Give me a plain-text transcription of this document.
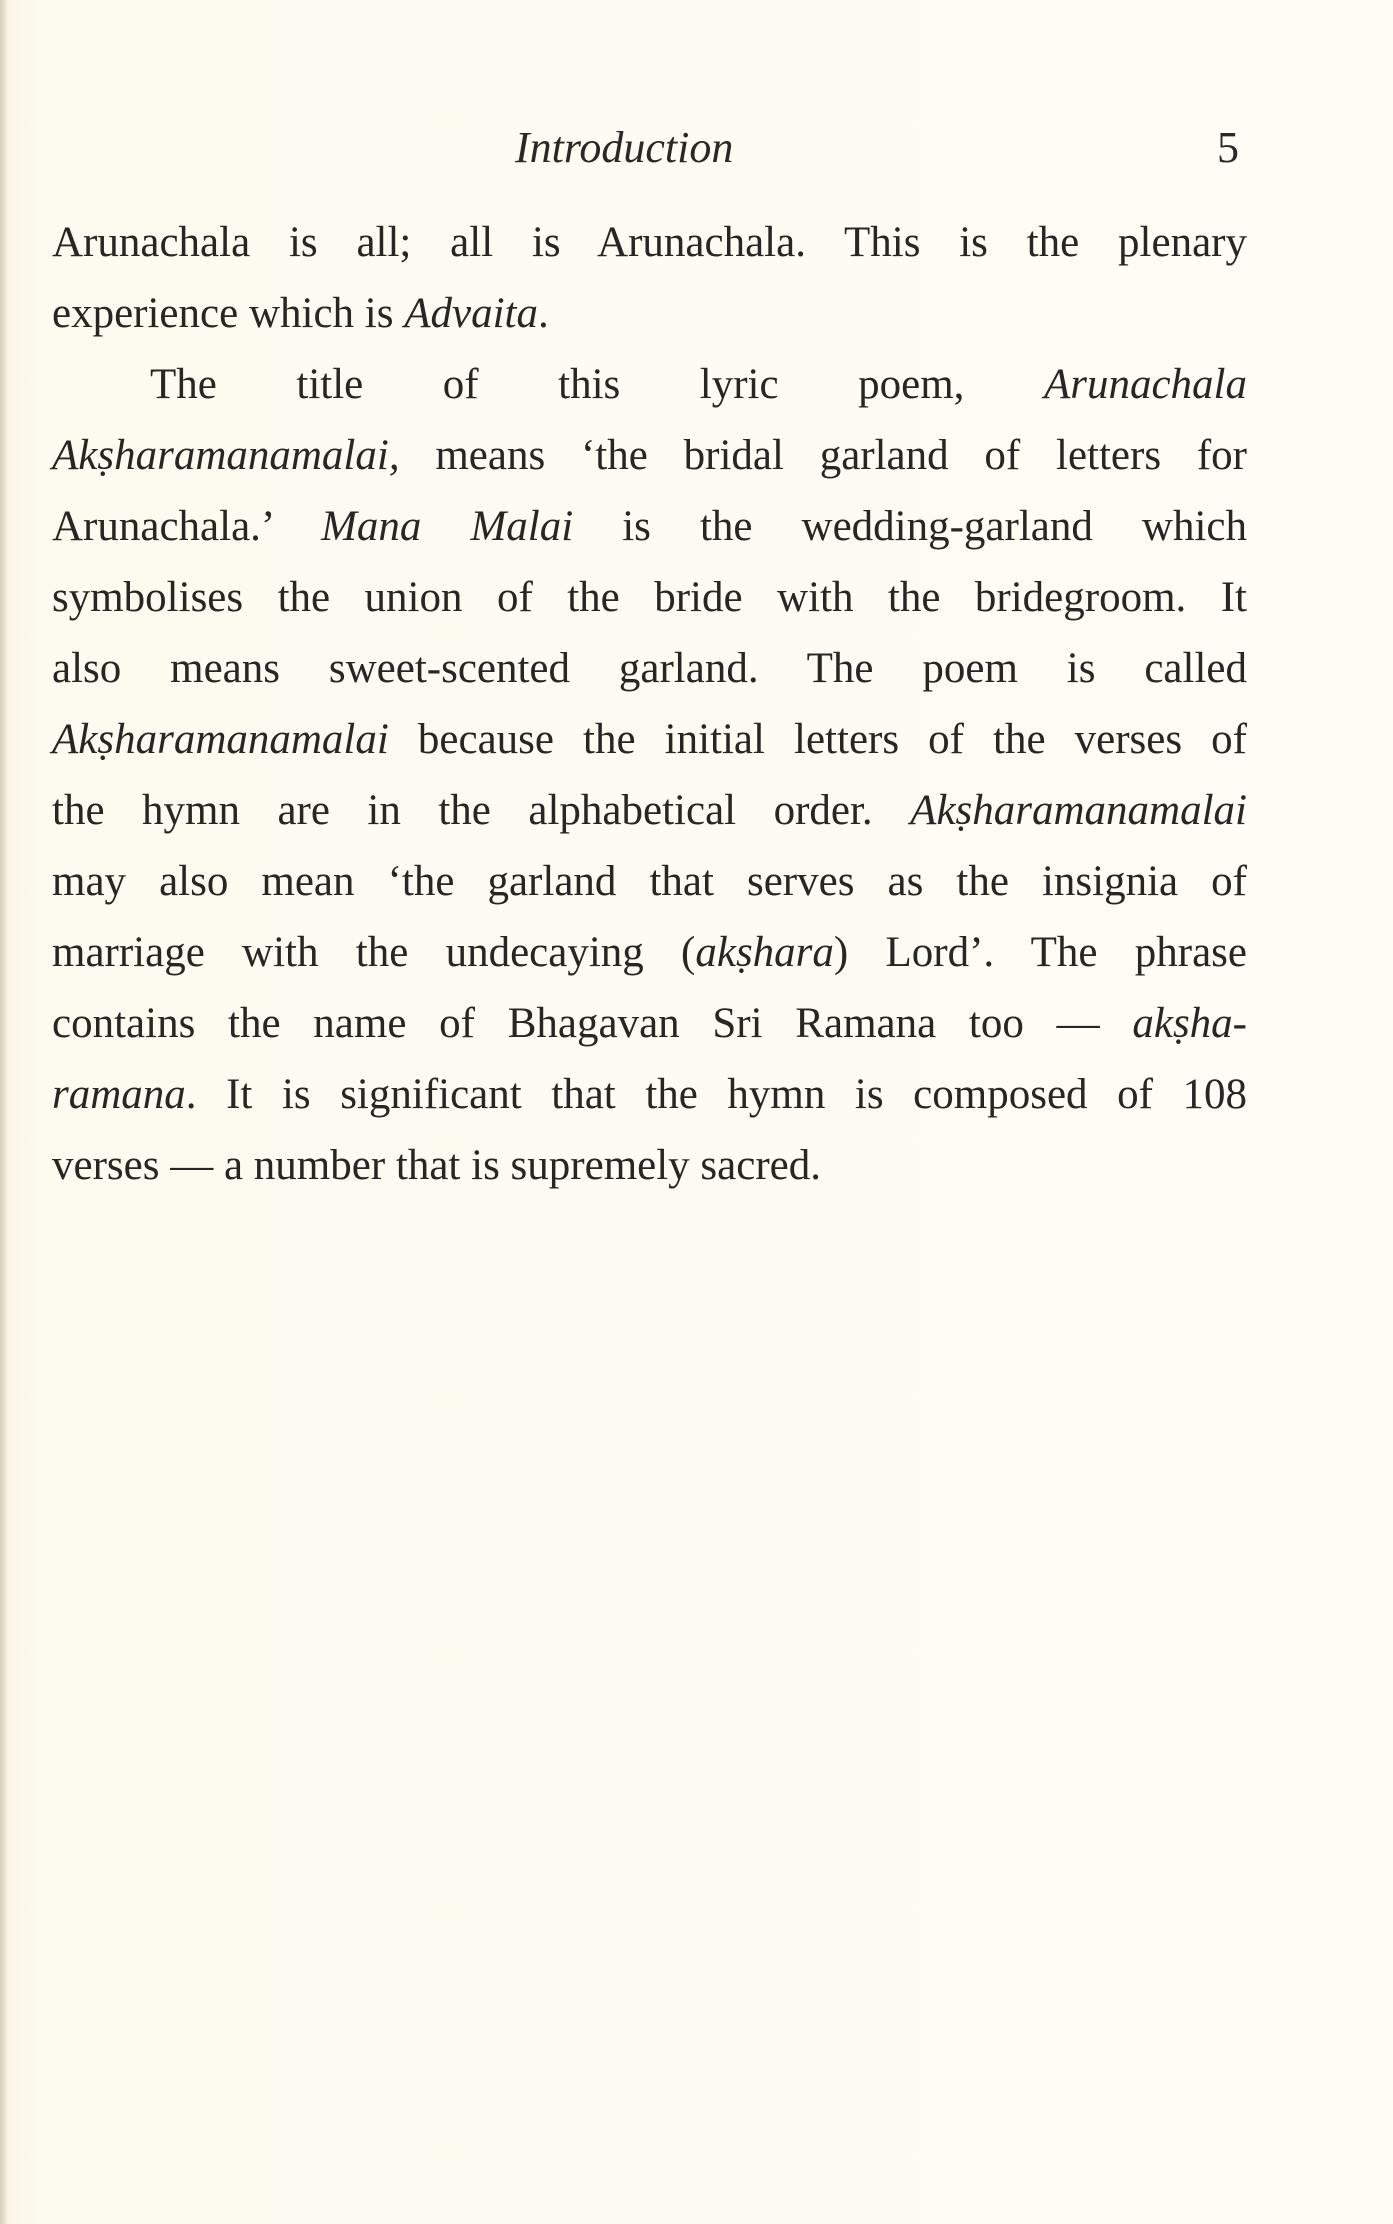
Introduction	5
Arunachala is all; all is Arunachala. This is the plenary
experience which is Advaita.
The title of this lyric poem, Arunachala
Akṣharamanamalai, means ‘the bridal garland of letters for
Arunachala.’ Mana Malai is the wedding-garland which
symbolises the union of the bride with the bridegroom. It
also means sweet-scented garland. The poem is called
Akṣharamanamalai because the initial letters of the verses of
the hymn are in the alphabetical order. Akṣharamanamalai
may also mean ‘the garland that serves as the insignia of
marriage with the undecaying (akṣhara) Lord’. The phrase
contains the name of Bhagavan Sri Ramana too — akṣha-
ramana. It is significant that the hymn is composed of 108
verses — a number that is supremely sacred.
